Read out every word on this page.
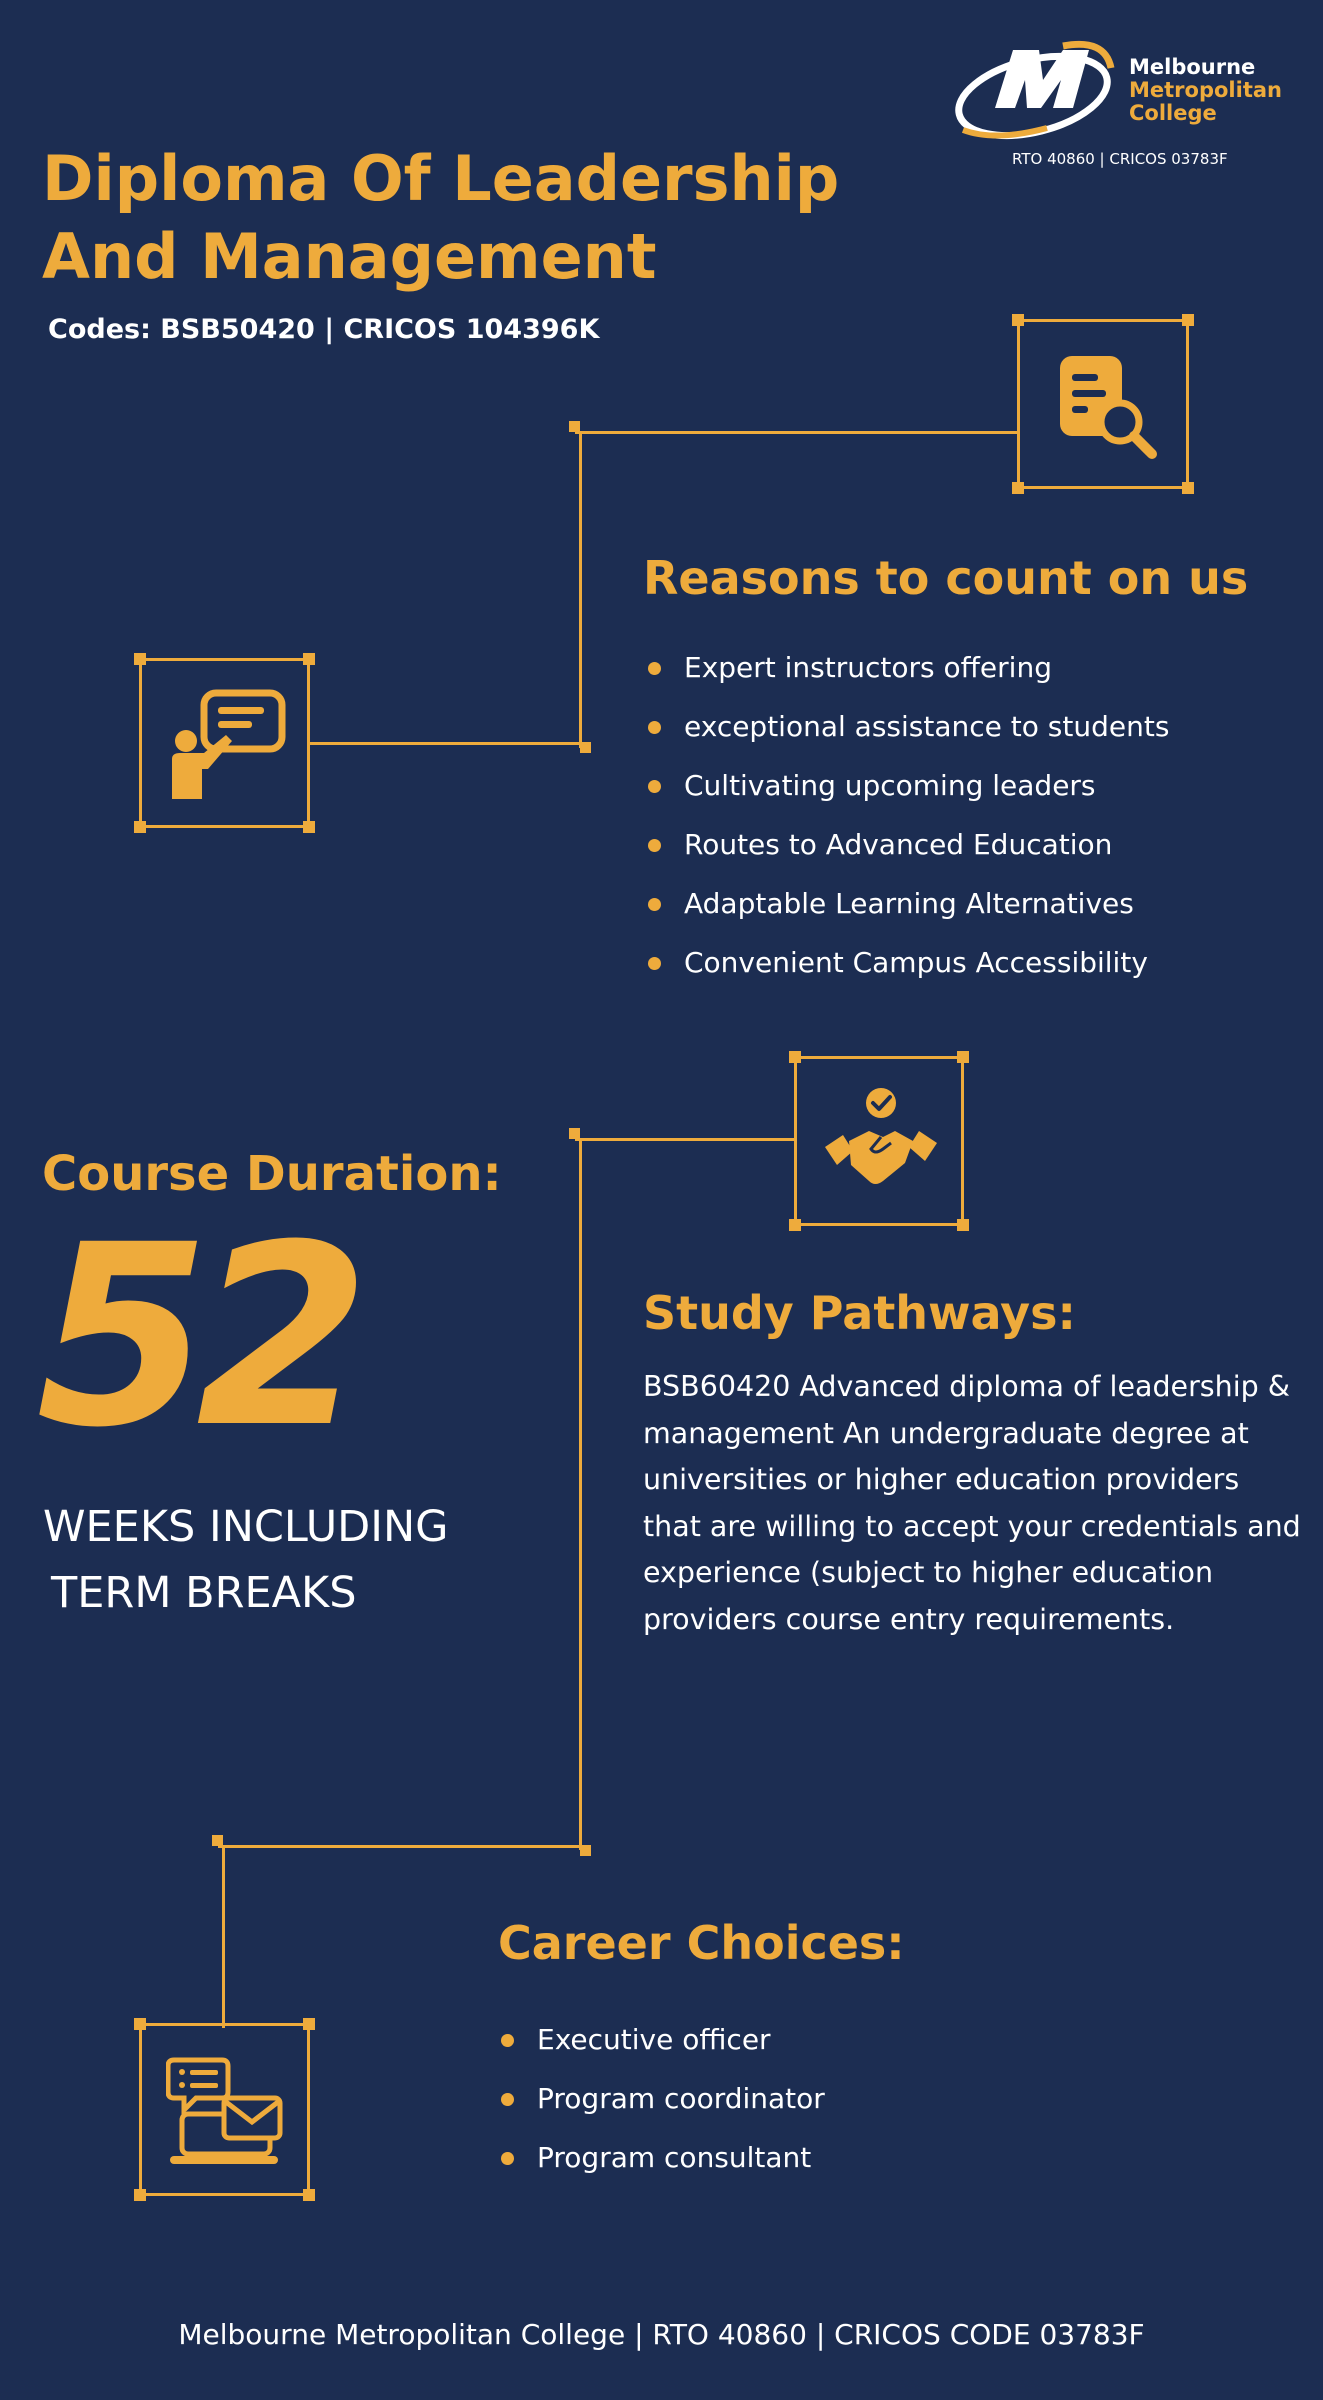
Melbourne
Metropolitan
College
RTO 40860 | CRICOS 03783F
Diploma Of Leadership
And Management
Codes: BSB50420 | CRICOS 104396K
Reasons to count on us
Expert instructors offering
exceptional assistance to students
Cultivating upcoming leaders
Routes to Advanced Education
Adaptable Learning Alternatives
Convenient Campus Accessibility
Course Duration:
52
WEEKS INCLUDING
TERM BREAKS
Study Pathways:
BSB60420 Advanced diploma of leadership & management An undergraduate degree at universities or higher education providers that are willing to accept your credentials and experience (subject to higher education providers course entry requirements.
Career Choices:
Executive officer
Program coordinator
Program consultant
Melbourne Metropolitan College | RTO 40860 | CRICOS CODE 03783F
